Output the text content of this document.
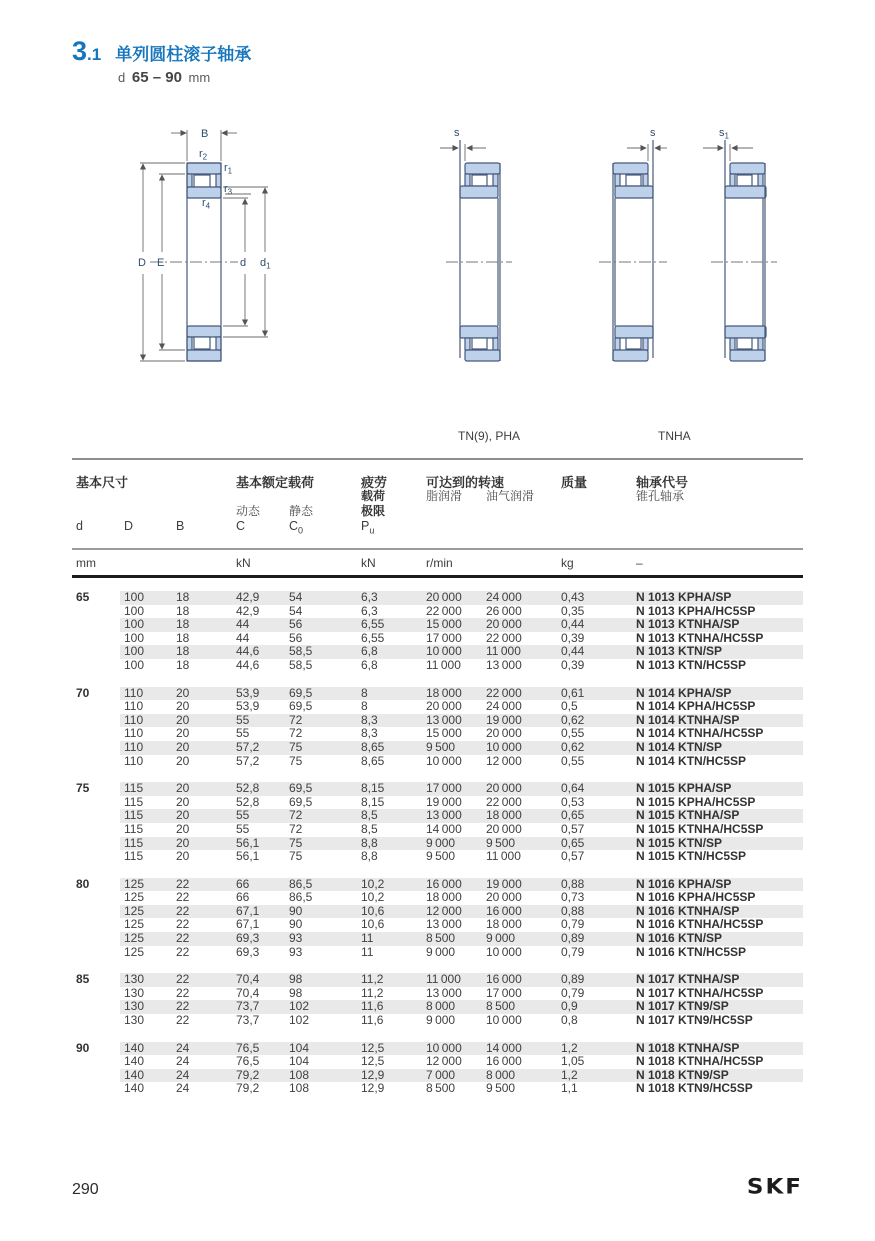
3 .1 单列圆柱滚子轴承
d 65 – 90 mm
B
D E	d $d_1$
$r_2$
$r_1$
$r_3$
$r_4$
s	s	$s_1$
TN(9), PHA	TNHA
基本尺寸
d	D	B

基本额定载荷
动态
C

静态
$C_0$

疲劳
载荷
极限
$P_u$

可达到的转速
脂润滑	油气润滑

质量	轴承代号
锥孔轴承

mm			kN		kN	r/min		kg	–

65	100	18	42,9	54	6,3	20 000	24 000	0,43	N 1013 KPHA/SP
	100	18	42,9	54	6,3	22 000	26 000	0,35	N 1013 KPHA/HC5SP
	100	18	44	56	6,55	15 000	20 000	0,44	N 1013 KTNHA/SP
	100	18	44	56	6,55	17 000	22 000	0,39	N 1013 KTNHA/HC5SP
	100	18	44,6	58,5	6,8	10 000	11 000	0,44	N 1013 KTN/SP
	100	18	44,6	58,5	6,8	11 000	13 000	0,39	N 1013 KTN/HC5SP

70	110	20	53,9	69,5	8	18 000	22 000	0,61	N 1014 KPHA/SP
	110	20	53,9	69,5	8	20 000	24 000	0,5	N 1014 KPHA/HC5SP
	110	20	55	72	8,3	13 000	19 000	0,62	N 1014 KTNHA/SP
	110	20	55	72	8,3	15 000	20 000	0,55	N 1014 KTNHA/HC5SP
	110	20	57,2	75	8,65	9 500	10 000	0,62	N 1014 KTN/SP
	110	20	57,2	75	8,65	10 000	12 000	0,55	N 1014 KTN/HC5SP

75	115	20	52,8	69,5	8,15	17 000	20 000	0,64	N 1015 KPHA/SP
	115	20	52,8	69,5	8,15	19 000	22 000	0,53	N 1015 KPHA/HC5SP
	115	20	55	72	8,5	13 000	18 000	0,65	N 1015 KTNHA/SP
	115	20	55	72	8,5	14 000	20 000	0,57	N 1015 KTNHA/HC5SP
	115	20	56,1	75	8,8	9 000	9 500	0,65	N 1015 KTN/SP
	115	20	56,1	75	8,8	9 500	11 000	0,57	N 1015 KTN/HC5SP

80	125	22	66	86,5	10,2	16 000	19 000	0,88	N 1016 KPHA/SP
	125	22	66	86,5	10,2	18 000	20 000	0,73	N 1016 KPHA/HC5SP
	125	22	67,1	90	10,6	12 000	16 000	0,88	N 1016 KTNHA/SP
	125	22	67,1	90	10,6	13 000	18 000	0,79	N 1016 KTNHA/HC5SP
	125	22	69,3	93	11	8 500	9 000	0,89	N 1016 KTN/SP
	125	22	69,3	93	11	9 000	10 000	0,79	N 1016 KTN/HC5SP

85	130	22	70,4	98	11,2	11 000	16 000	0,89	N 1017 KTNHA/SP
	130	22	70,4	98	11,2	13 000	17 000	0,79	N 1017 KTNHA/HC5SP
	130	22	73,7	102	11,6	8 000	8 500	0,9	N 1017 KTN9/SP
	130	22	73,7	102	11,6	9 000	10 000	0,8	N 1017 KTN9/HC5SP

90	140	24	76,5	104	12,5	10 000	14 000	1,2	N 1018 KTNHA/SP
	140	24	76,5	104	12,5	12 000	16 000	1,05	N 1018 KTNHA/HC5SP
	140	24	79,2	108	12,9	7 000	8 000	1,2	N 1018 KTN9/SP
	140	24	79,2	108	12,9	8 500	9 500	1,1	N 1018 KTN9/HC5SP
290	SKF
